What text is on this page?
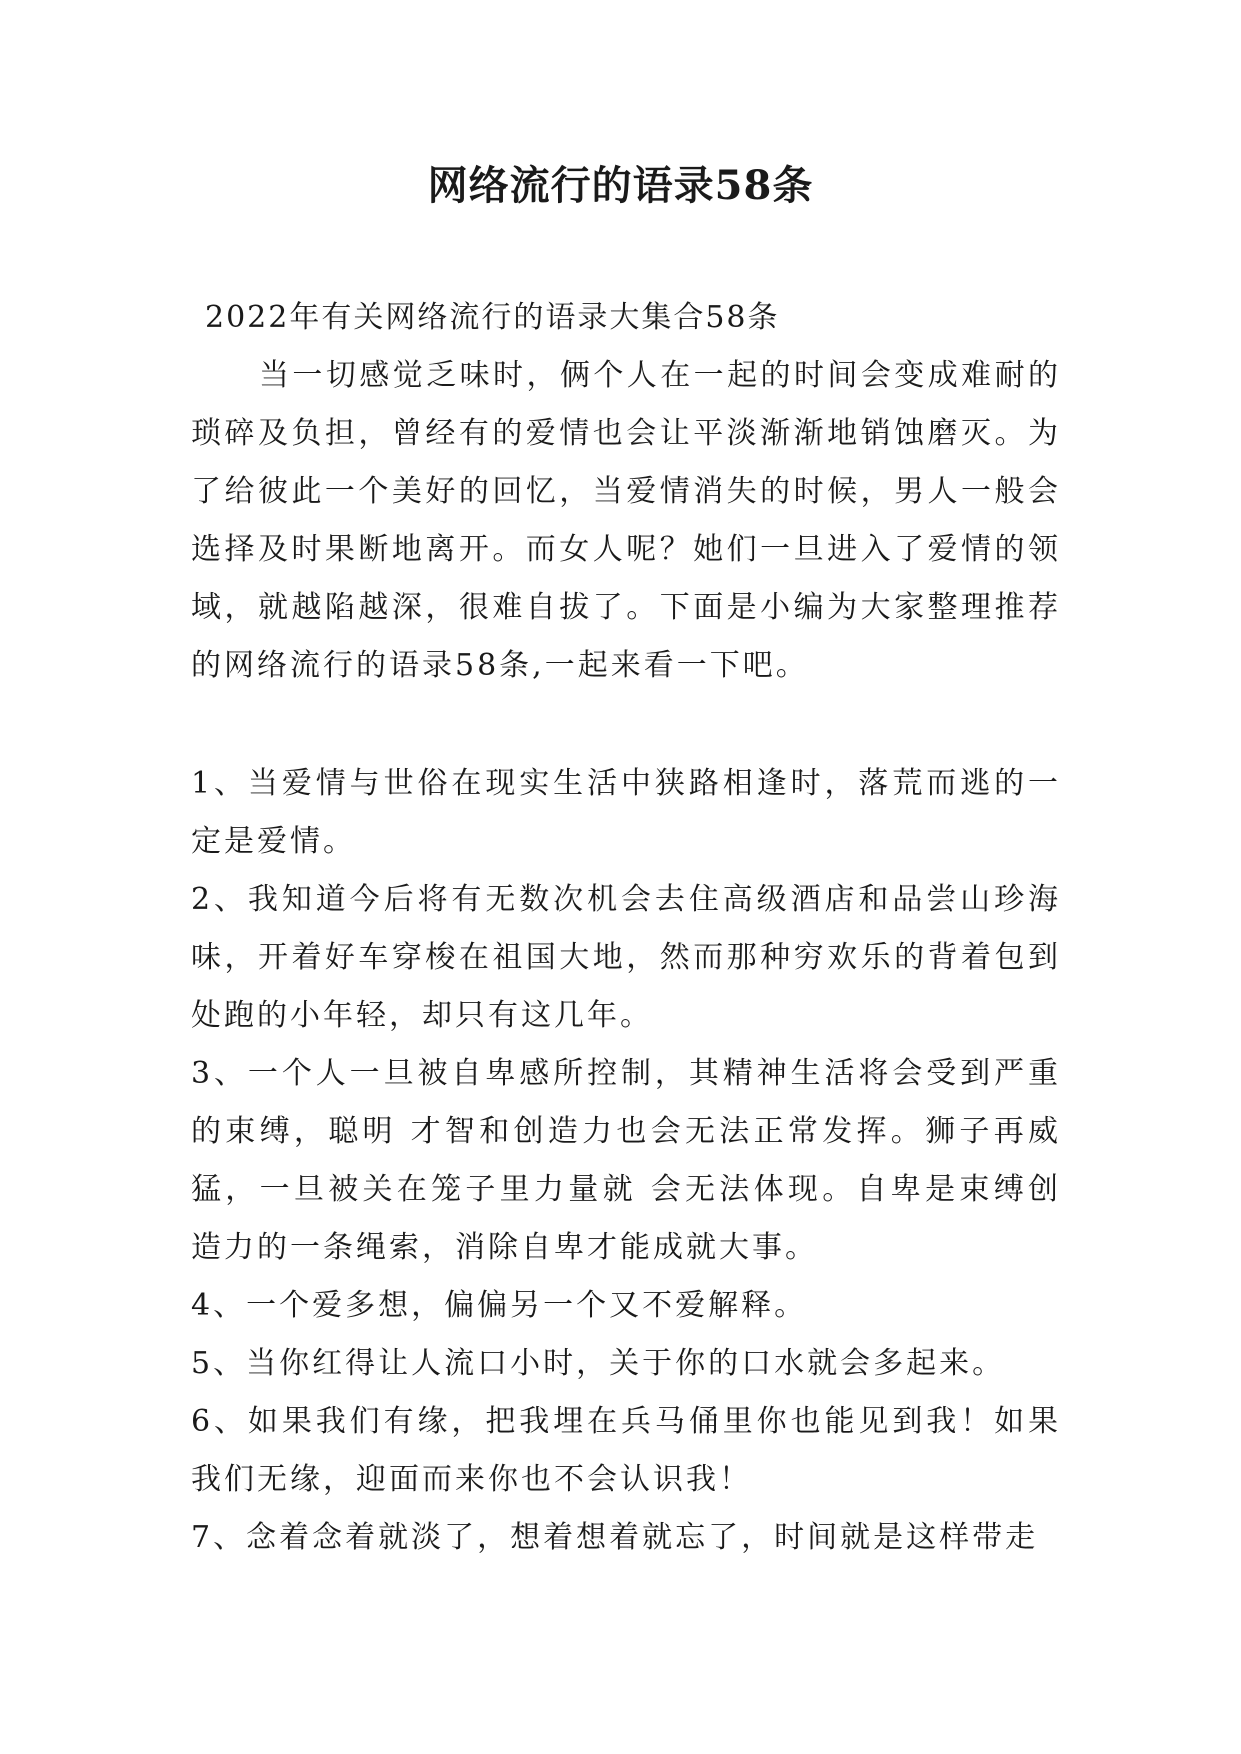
网络流行的语录58条
2022年有关网络流行的语录大集合58条

当一切感觉乏味时，俩个人在一起的时间会变成难耐的琐碎及负担，曾经有的爱情也会让平淡渐渐地销蚀磨灭。为了给彼此一个美好的回忆，当爱情消失的时候，男人一般会选择及时果断地离开。而女人呢？她们一旦进入了爱情的领域，就越陷越深，很难自拔了。下面是小编为大家整理推荐的网络流行的语录58条,一起来看一下吧。

1、当爱情与世俗在现实生活中狭路相逢时，落荒而逃的一定是爱情。

2、我知道今后将有无数次机会去住高级酒店和品尝山珍海味，开着好车穿梭在祖国大地，然而那种穷欢乐的背着包到处跑的小年轻，却只有这几年。

3、一个人一旦被自卑感所控制，其精神生活将会受到严重的束缚，聪明 才智和创造力也会无法正常发挥。狮子再威猛，一旦被关在笼子里力量就 会无法体现。自卑是束缚创造力的一条绳索，消除自卑才能成就大事。

4、一个爱多想，偏偏另一个又不爱解释。

5、当你红得让人流口小时，关于你的口水就会多起来。

6、如果我们有缘，把我埋在兵马俑里你也能见到我！如果我们无缘，迎面而来你也不会认识我！

7、念着念着就淡了，想着想着就忘了，时间就是这样带走
